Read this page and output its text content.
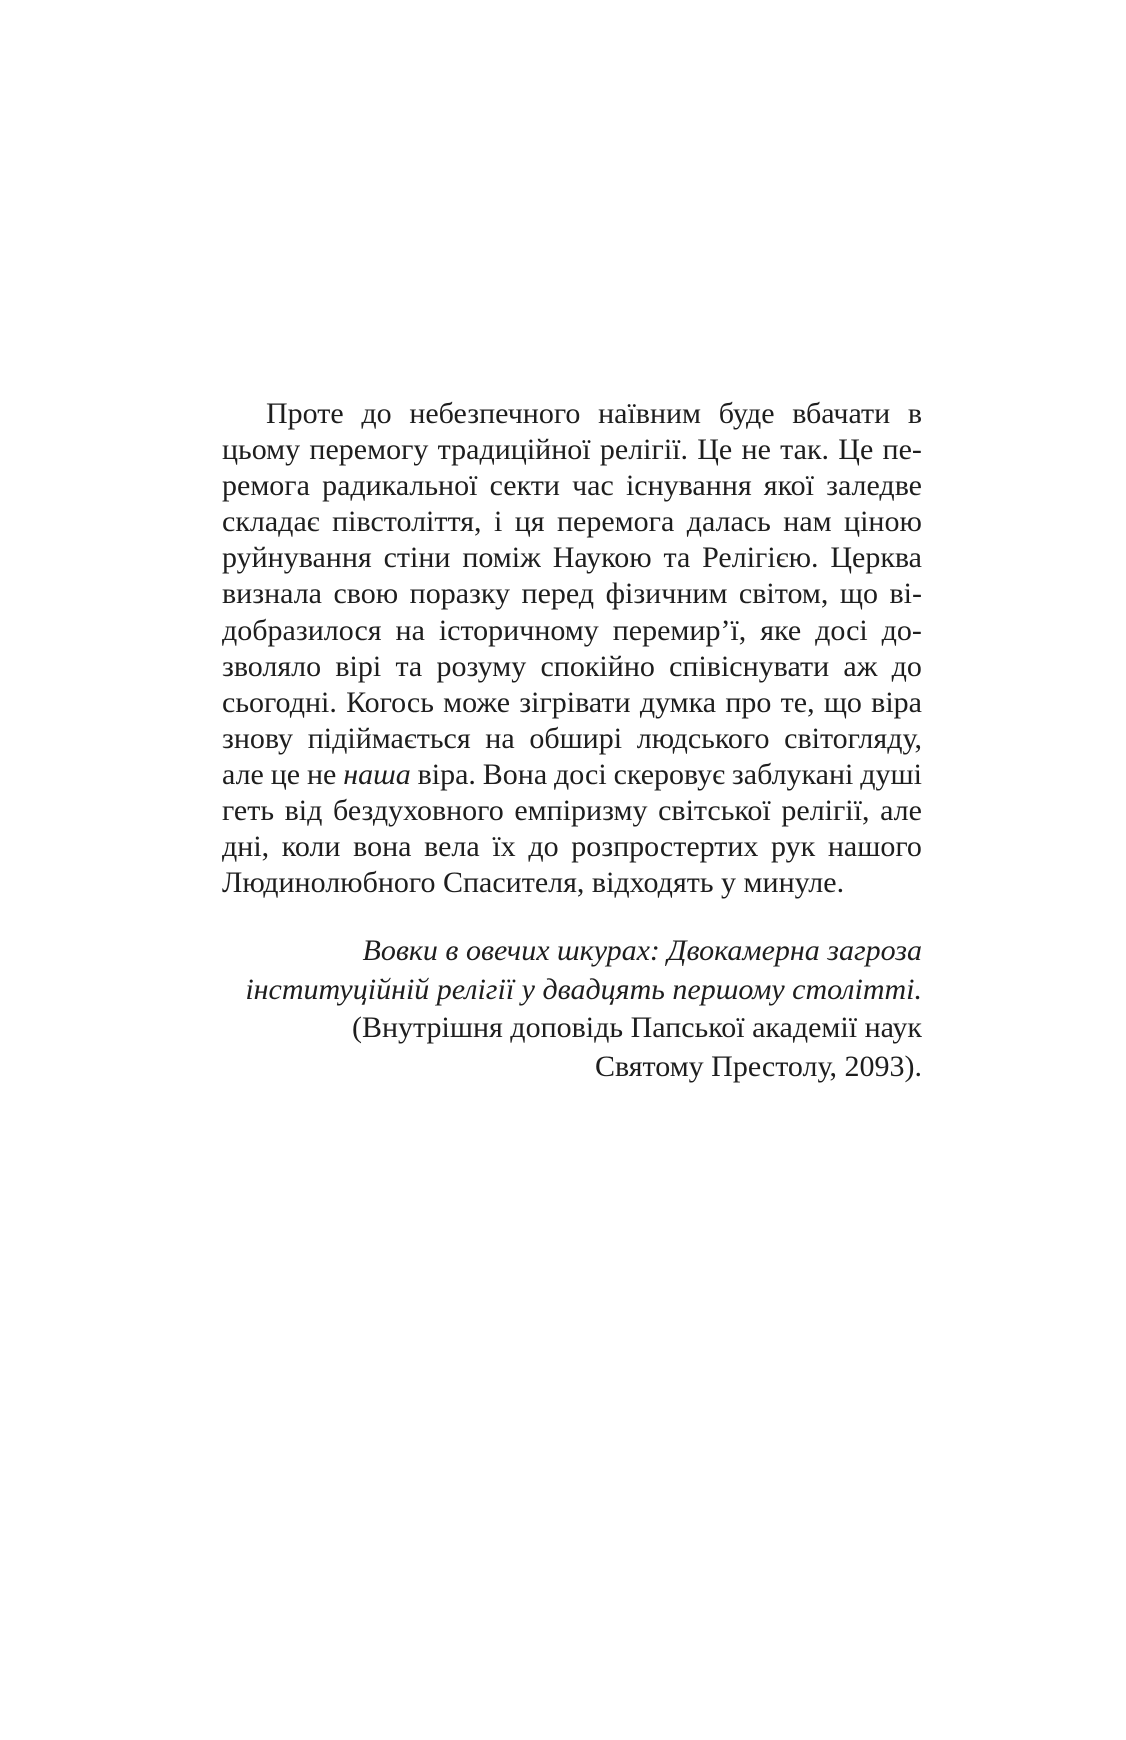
Проте до небезпечного наївним буде вбачати в
цьому перемогу традиційної релігії. Це не так. Це пе-
ремога радикальної секти час існування якої заледве
складає півстоліття, і ця перемога далась нам ціною
руйнування стіни поміж Наукою та Релігією. Церква
визнала свою поразку перед фізичним світом, що ві-
добразилося на історичному перемир’ї, яке досі до-
зволяло вірі та розуму спокійно співіснувати аж до
сьогодні. Когось може зігрівати думка про те, що віра
знову підіймається на обширі людського світогляду,
але це не наша віра. Вона досі скеровує заблукані душі
геть від бездуховного емпіризму світської релігії, але
дні, коли вона вела їх до розпростертих рук нашого
Людинолюбного Спасителя, відходять у минуле.
Вовки в овечих шкурах: Двокамерна загроза
інституційній релігії у двадцять першому столітті.
(Внутрішня доповідь Папської академії наук
Святому Престолу, 2093).
